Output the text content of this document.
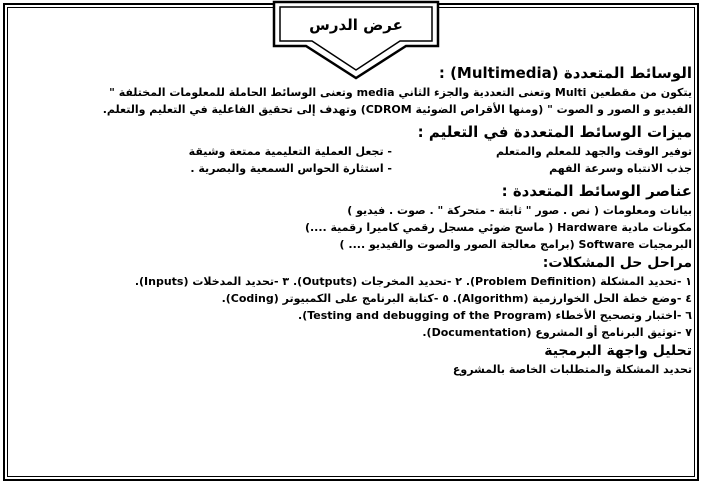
عرض الدرس
الوسائط المتعددة (Multimedia) :
يتكون من مقطعين Multi وتعنى التعددية والجزء الثاني media وتعنى الوسائط الحاملة للمعلومات المختلفة "
الفيديو و الصور و الصوت " (ومنها الأقراص الضوئية CDROM) وتهدف إلى تحقيق الفاعلية في التعليم والتعلم.
ميزات الوسائط المتعددة في التعليم :
توفير الوقت والجهد للمعلم والمتعلم
- تجعل العملية التعليمية ممتعة وشيقة
جذب الانتباه وسرعة الفهم
- استثارة الحواس السمعية والبصرية .
عناصر الوسائط المتعددة :
بيانات ومعلومات ( نص . صور " ثابتة - متحركة " . صوت . فيديو )
مكونات مادية Hardware ( ماسح ضوئي مسجل رقمي كاميرا رقمية ....)
البرمجيات Software (برامج معالجة الصور والصوت والفيديو .... )
مراحل حل المشكلات:
١ -تحديد المشكلة (Problem Definition). ٢ -تحديد المخرجات (Outputs). ٣ -تحديد المدخلات (Inputs).
٤ -وضع خطة الحل الخوارزمية (Algorithm). ٥ -كتابة البرنامج على الكمبيوتر (Coding).
٦ -اختبار وتصحيح الأخطاء (Testing and debugging of the Program).
٧ -توثيق البرنامج أو المشروع (Documentation).
تحليل واجهة البرمجية
تحديد المشكلة والمتطلبات الخاصة بالمشروع
